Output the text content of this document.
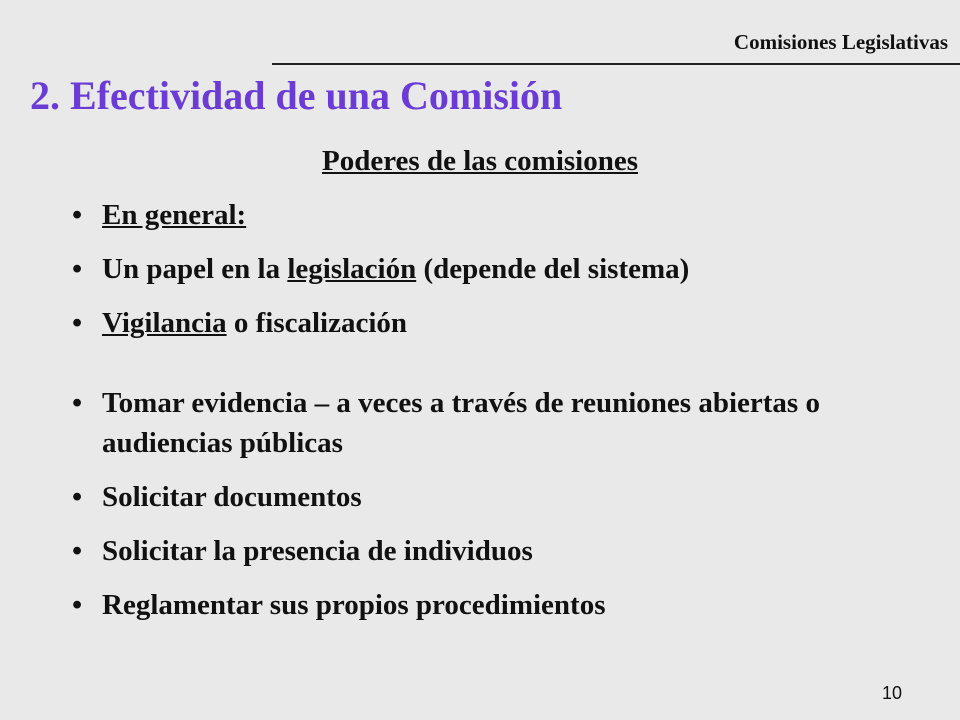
Comisiones Legislativas
2. Efectividad de una Comisión
Poderes de las comisiones
• En general:
• Un papel en la legislación (depende del sistema)
• Vigilancia o fiscalización
• Tomar evidencia – a veces a través de reuniones abiertas o audiencias públicas
• Solicitar documentos
• Solicitar la presencia de individuos
• Reglamentar sus propios procedimientos
10
